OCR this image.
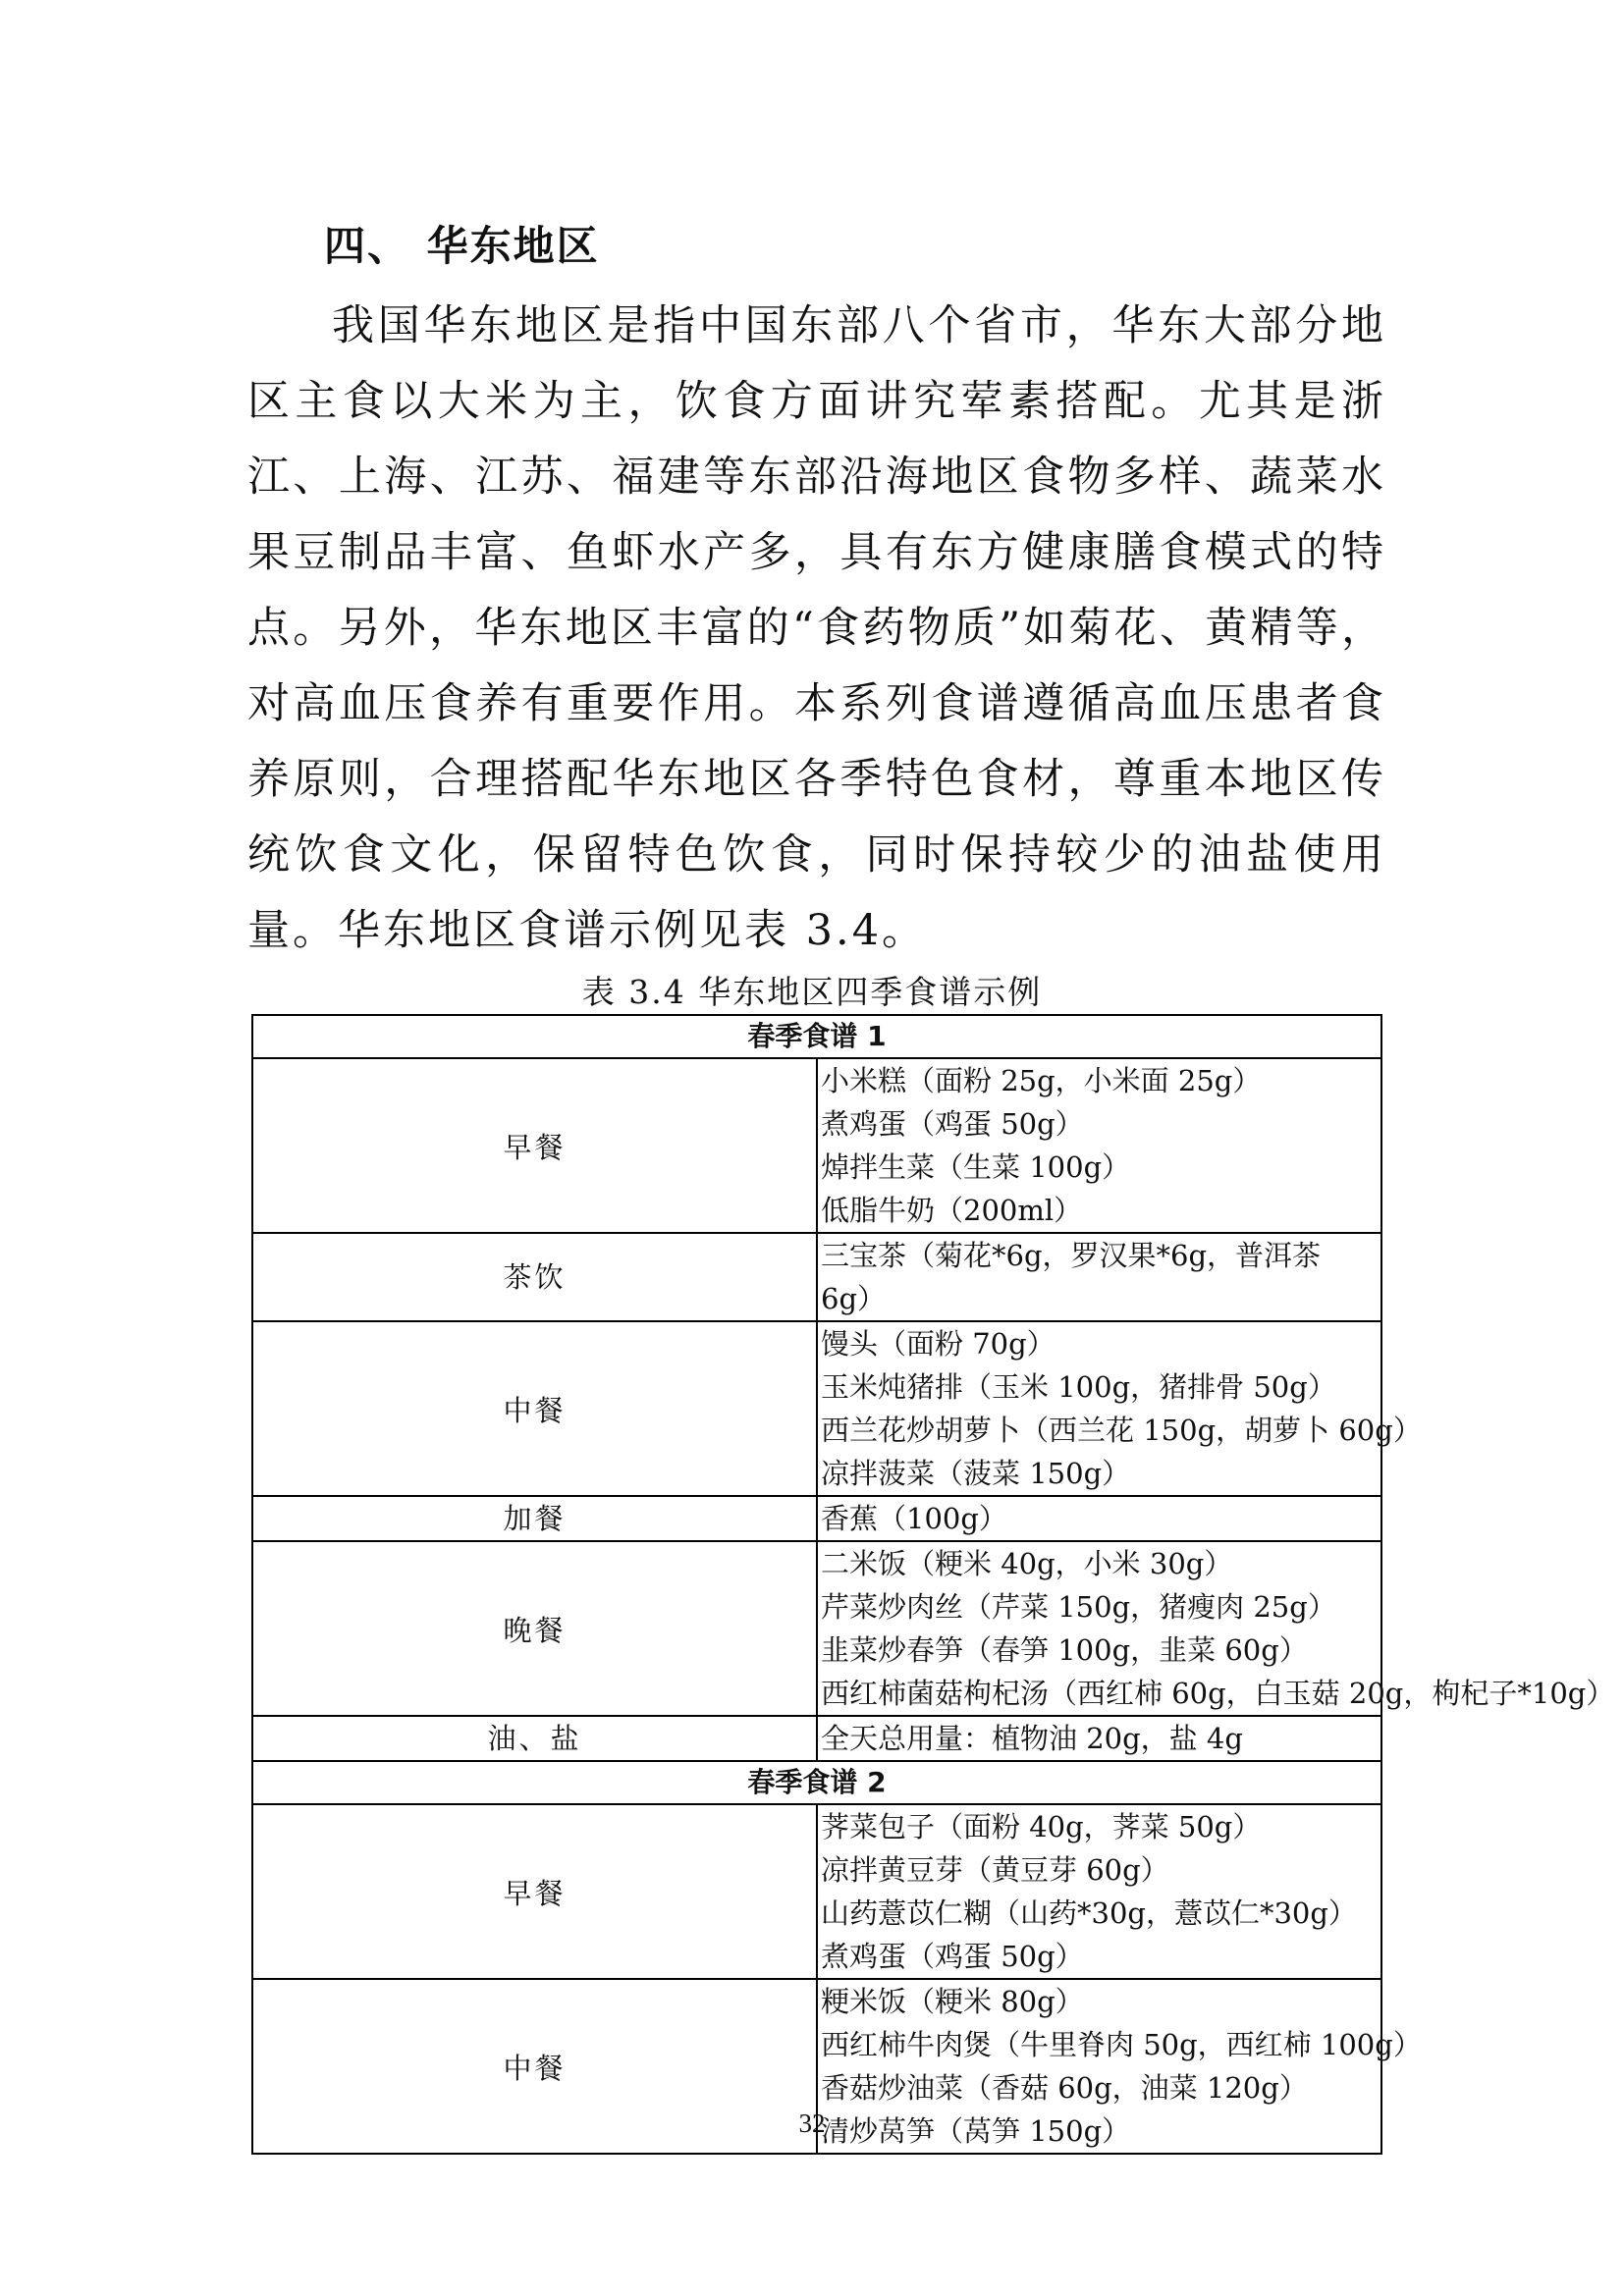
四、 华东地区

我国华东地区是指中国东部八个省市，华东大部分地区主食以大米为主，饮食方面讲究荤素搭配。尤其是浙江、上海、江苏、福建等东部沿海地区食物多样、蔬菜水果豆制品丰富、鱼虾水产多，具有东方健康膳食模式的特点。另外，华东地区丰富的“食药物质”如菊花、黄精等，对高血压食养有重要作用。本系列食谱遵循高血压患者食养原则，合理搭配华东地区各季特色食材，尊重本地区传统饮食文化，保留特色饮食，同时保持较少的油盐使用量。华东地区食谱示例见表 3.4。

表 3.4 华东地区四季食谱示例
春季食谱 1	
早餐	小米糕（面粉 25g，小米面 25g）
煮鸡蛋（鸡蛋 50g）
焯拌生菜（生菜 100g）
低脂牛奶（200ml）

茶饮	三宝茶（菊花*6g，罗汉果*6g，普洱茶 6g）
中餐	馒头（面粉 70g）
玉米炖猪排（玉米 100g，猪排骨 50g）
西兰花炒胡萝卜（西兰花 150g，胡萝卜 60g）
凉拌菠菜（菠菜 150g）

加餐	香蕉（100g）
晚餐	二米饭（粳米 40g，小米 30g）
芹菜炒肉丝（芹菜 150g，猪瘦肉 25g）
韭菜炒春笋（春笋 100g，韭菜 60g）
西红柿菌菇枸杞汤（西红柿 60g，白玉菇 20g，枸杞子*10g）

油、盐	全天总用量：植物油 20g，盐 4g
春季食谱 2	
早餐	荠菜包子（面粉 40g，荠菜 50g）
凉拌黄豆芽（黄豆芽 60g）
山药薏苡仁糊（山药*30g，薏苡仁*30g）
煮鸡蛋（鸡蛋 50g）

中餐	粳米饭（粳米 80g）
西红柿牛肉煲（牛里脊肉 50g，西红柿 100g）
香菇炒油菜（香菇 60g，油菜 120g）
清炒莴笋（莴笋 150g）
32
